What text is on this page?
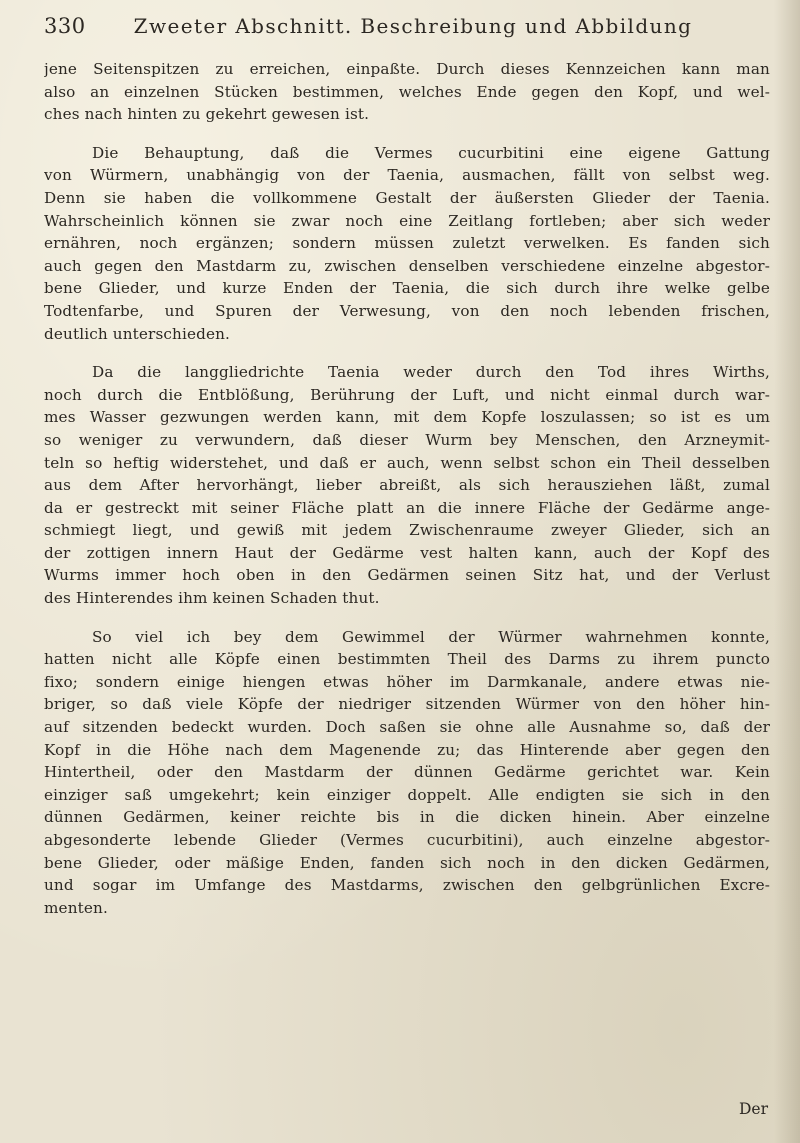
330	Zweeter Abschnitt. Beschreibung und Abbildung

jene Seitenspitzen zu erreichen, einpaßte. Durch dieses Kennzeichen kann man
also an einzelnen Stücken bestimmen, welches Ende gegen den Kopf, und wel-
ches nach hinten zu gekehrt gewesen ist.

Die Behauptung, daß die Vermes cucurbitini eine eigene Gattung
von Würmern, unabhängig von der Taenia, ausmachen, fällt von selbst weg.
Denn sie haben die vollkommene Gestalt der äußersten Glieder der Taenia.
Wahrscheinlich können sie zwar noch eine Zeitlang fortleben; aber sich weder
ernähren, noch ergänzen; sondern müssen zuletzt verwelken. Es fanden sich
auch gegen den Mastdarm zu, zwischen denselben verschiedene einzelne abgestor-
bene Glieder, und kurze Enden der Taenia, die sich durch ihre welke gelbe
Todtenfarbe, und Spuren der Verwesung, von den noch lebenden frischen,
deutlich unterschieden.

Da die langgliedrichte Taenia weder durch den Tod ihres Wirths,
noch durch die Entblößung, Berührung der Luft, und nicht einmal durch war-
mes Wasser gezwungen werden kann, mit dem Kopfe loszulassen; so ist es um
so weniger zu verwundern, daß dieser Wurm bey Menschen, den Arzneymit-
teln so heftig widerstehet, und daß er auch, wenn selbst schon ein Theil desselben
aus dem After hervorhängt, lieber abreißt, als sich herausziehen läßt, zumal
da er gestreckt mit seiner Fläche platt an die innere Fläche der Gedärme ange-
schmiegt liegt, und gewiß mit jedem Zwischenraume zweyer Glieder, sich an
der zottigen innern Haut der Gedärme vest halten kann, auch der Kopf des
Wurms immer hoch oben in den Gedärmen seinen Sitz hat, und der Verlust
des Hinterendes ihm keinen Schaden thut.

So viel ich bey dem Gewimmel der Würmer wahrnehmen konnte,
hatten nicht alle Köpfe einen bestimmten Theil des Darms zu ihrem puncto
fixo; sondern einige hiengen etwas höher im Darmkanale, andere etwas nie-
briger, so daß viele Köpfe der niedriger sitzenden Würmer von den höher hin-
auf sitzenden bedeckt wurden. Doch saßen sie ohne alle Ausnahme so, daß der
Kopf in die Höhe nach dem Magenende zu; das Hinterende aber gegen den
Hintertheil, oder den Mastdarm der dünnen Gedärme gerichtet war. Kein
einziger saß umgekehrt; kein einziger doppelt. Alle endigten sie sich in den
dünnen Gedärmen, keiner reichte bis in die dicken hinein. Aber einzelne
abgesonderte lebende Glieder (Vermes cucurbitini), auch einzelne abgestor-
bene Glieder, oder mäßige Enden, fanden sich noch in den dicken Gedärmen,
und sogar im Umfange des Mastdarms, zwischen den gelbgrünlichen Excre-
menten.

Der
